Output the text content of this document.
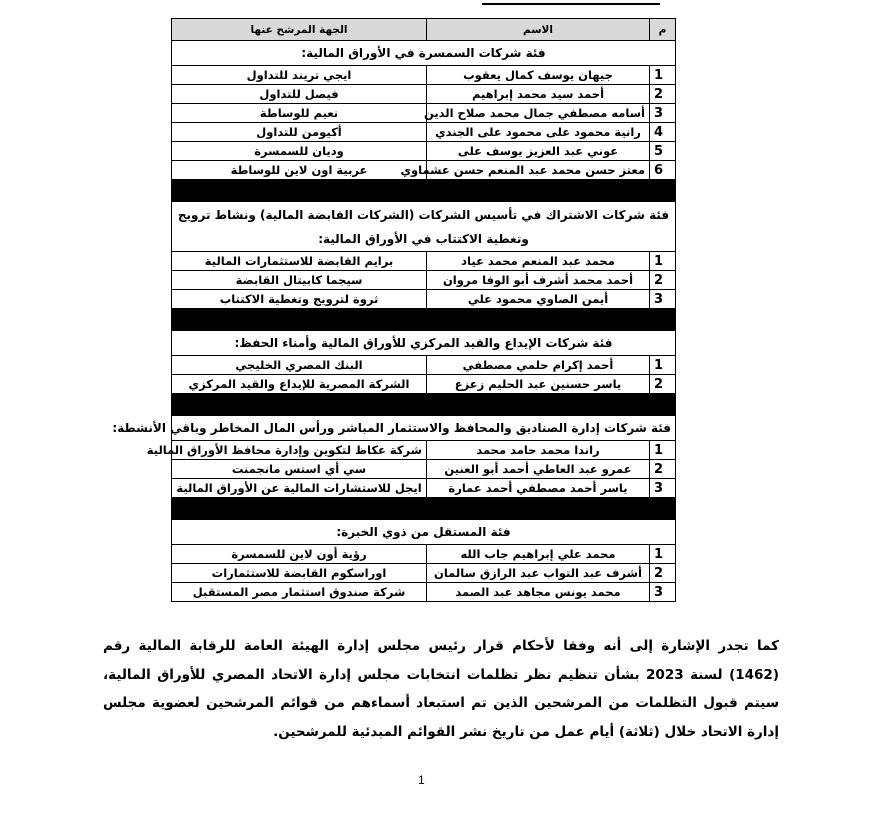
م	الاسم	الجهة المرشح عنها
فئة شركات السمسرة في الأوراق المالية:		
1	جيهان يوسف كمال يعقوب	ايجي تريند للتداول
2	أحمد سيد محمد إبراهيم	فيصل للتداول
3	أسامه مصطفي جمال محمد صلاح الدين	نعيم للوساطة
4	رانية محمود على محمود على الجندي	أكيومن للتداول
5	عوني عبد العزيز يوسف على	وديان للسمسرة
6	معتز حسن محمد عبد المنعم حسن عشماوي	عربية اون لاين للوساطة

فئة شركات الاشتراك في تأسيس الشركات (الشركات القابضة المالية) ونشاط ترويج وتغطية الاكتتاب في الأوراق المالية:		
1	محمد عبد المنعم محمد عياد	برايم القابضة للاستثمارات المالية
2	أحمد محمد أشرف أبو الوفا مروان	سيجما كابيتال القابضة
3	أيمن الصاوي محمود علي	ثروة لترويج وتغطية الاكتتاب

فئة شركات الإيداع والقيد المركزي للأوراق المالية وأمناء الحفظ:		
1	أحمد إكرام حلمي مصطفي	البنك المصري الخليجي
2	ياسر حسنين عبد الحليم زعزع	الشركة المصرية للإيداع والقيد المركزي

فئة شركات إدارة الصناديق والمحافظ والاستثمار المباشر ورأس المال المخاطر وباقي الأنشطة:		
1	راندا محمد حامد محمد	شركة عكاظ لتكوين وإدارة محافظ الأوراق المالية
2	عمرو عبد العاطي أحمد أبو العنين	سي أي استس مانجمنت
3	ياسر أحمد مصطفي أحمد عمارة	ايجل للاستشارات المالية عن الأوراق المالية

فئة المستقل من ذوي الخبرة:		
1	محمد علي إبراهيم جاب الله	رؤية أون لاين للسمسرة
2	أشرف عبد التواب عبد الرازق سالمان	اوراسكوم القابضة للاستثمارات
3	محمد يونس مجاهد عبد الصمد	شركة صندوق استثمار مصر المستقبل
كما تجدر الإشارة إلى أنه وفقا لأحكام قرار رئيس مجلس إدارة الهيئة العامة للرقابة المالية رقم (1462) لسنة 2023 بشأن تنظيم نظر تظلمات انتخابات مجلس إدارة الاتحاد المصري للأوراق المالية، سيتم قبول التظلمات من المرشحين الذين تم استبعاد أسماءهم من قوائم المرشحين لعضوية مجلس إدارة الاتحاد خلال (ثلاثة) أيام عمل من تاريخ نشر القوائم المبدئية للمرشحين.
1
